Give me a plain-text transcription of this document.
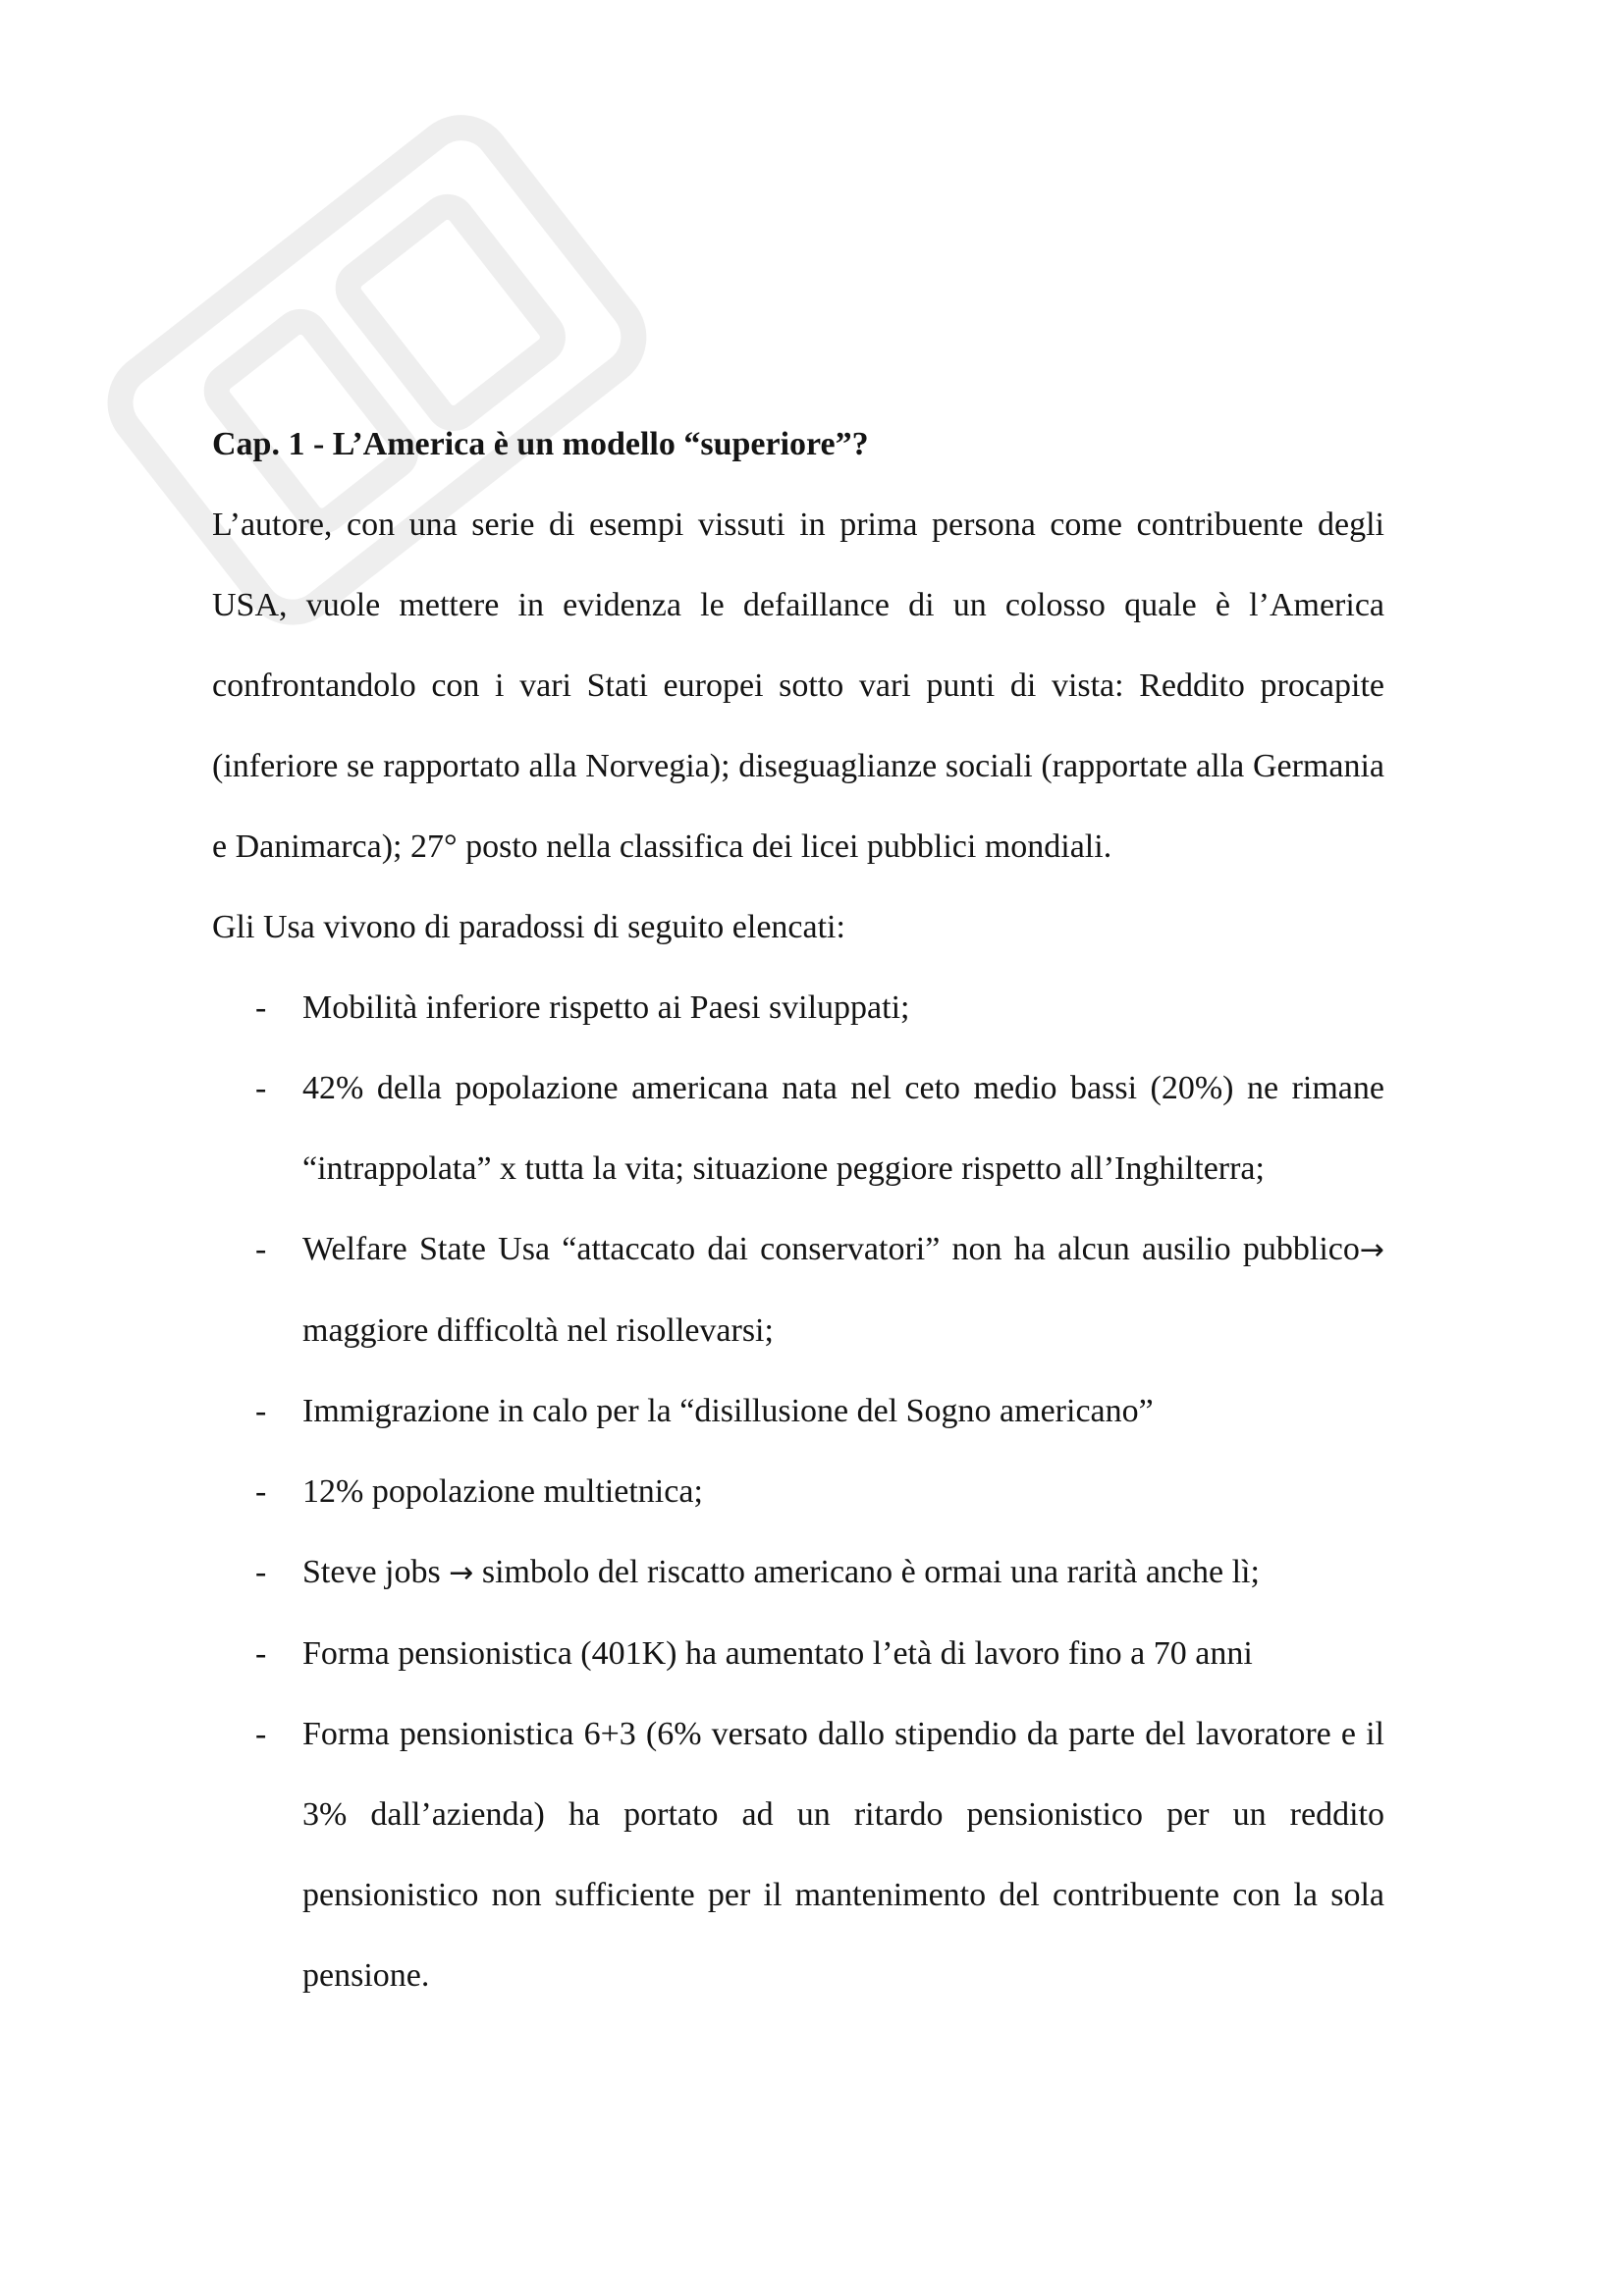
Cap. 1 - L’America è un modello “superiore”?

L’autore, con una serie di esempi vissuti in prima persona come contribuente degli USA, vuole mettere in evidenza le defaillance di un colosso quale è l’America confrontandolo con i vari Stati europei sotto vari punti di vista: Reddito procapite (inferiore se rapportato alla Norvegia); diseguaglianze sociali (rapportate alla Germania e Danimarca); 27° posto nella classifica dei licei pubblici mondiali.

Gli Usa vivono di paradossi di seguito elencati:

- Mobilità inferiore rispetto ai Paesi sviluppati;
- 42% della popolazione americana nata nel ceto medio bassi (20%) ne rimane “intrappolata” x tutta la vita; situazione peggiore rispetto all’Inghilterra;
- Welfare State Usa “attaccato dai conservatori” non ha alcun ausilio pubblico→ maggiore difficoltà nel risollevarsi;
- Immigrazione in calo per la “disillusione del Sogno americano”
- 12% popolazione multietnica;
- Steve jobs → simbolo del riscatto americano è ormai una rarità anche lì;
- Forma pensionistica (401K) ha aumentato l’età di lavoro fino a 70 anni
- Forma pensionistica 6+3 (6% versato dallo stipendio da parte del lavoratore e il 3% dall’azienda) ha portato ad un ritardo pensionistico per un reddito pensionistico non sufficiente per il mantenimento del contribuente con la sola pensione.
